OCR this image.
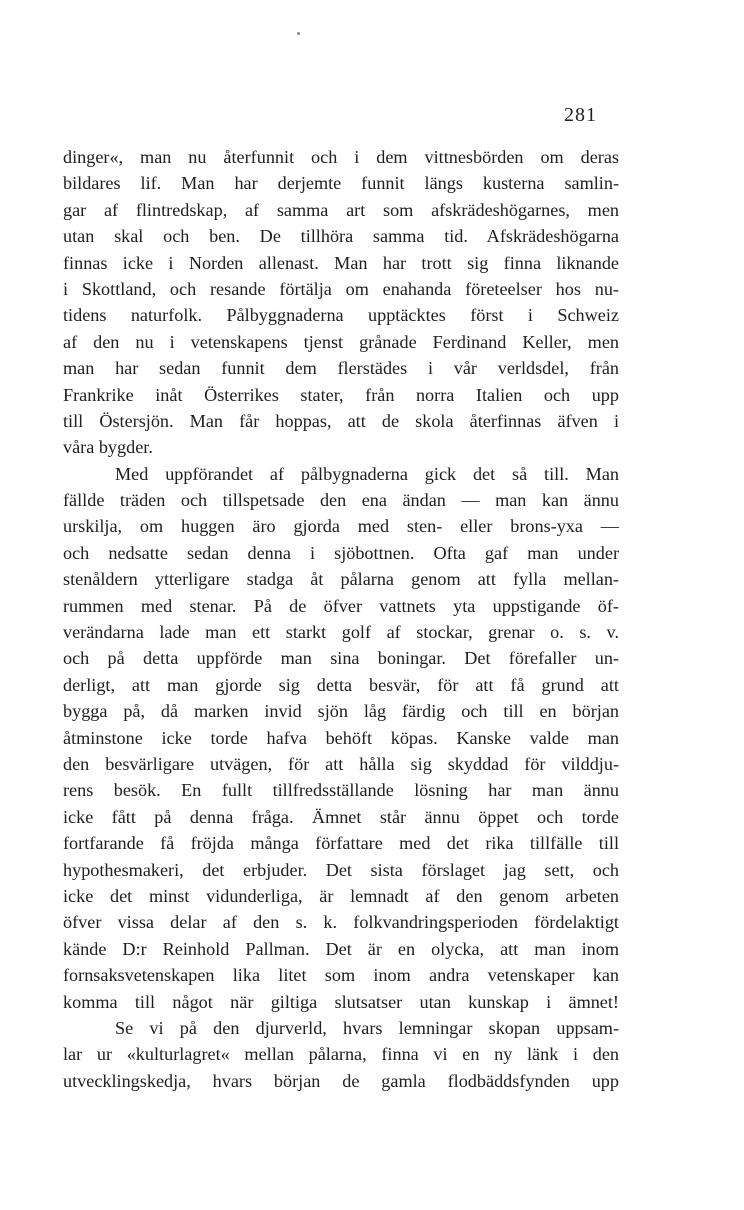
281
dinger«, man nu återfunnit och i dem vittnesbörden om deras
bildares lif. Man har derjemte funnit längs kusterna samlin-
gar af flintredskap, af samma art som afskrädeshögarnes, men
utan skal och ben. De tillhöra samma tid. Afskrädeshögarna
finnas icke i Norden allenast. Man har trott sig finna liknande
i Skottland, och resande förtälja om enahanda företeelser hos nu-
tidens naturfolk. Pålbyggnaderna upptäcktes först i Schweiz
af den nu i vetenskapens tjenst grånade Ferdinand Keller, men
man har sedan funnit dem flerstädes i vår verldsdel, från
Frankrike inåt Österrikes stater, från norra Italien och upp
till Östersjön. Man får hoppas, att de skola återfinnas äfven i
våra bygder.
Med uppförandet af pålbygnaderna gick det så till. Man
fällde träden och tillspetsade den ena ändan — man kan ännu
urskilja, om huggen äro gjorda med sten- eller brons-yxa —
och nedsatte sedan denna i sjöbottnen. Ofta gaf man under
stenåldern ytterligare stadga åt pålarna genom att fylla mellan-
rummen med stenar. På de öfver vattnets yta uppstigande öf-
verändarna lade man ett starkt golf af stockar, grenar o. s. v.
och på detta uppförde man sina boningar. Det förefaller un-
derligt, att man gjorde sig detta besvär, för att få grund att
bygga på, då marken invid sjön låg färdig och till en början
åtminstone icke torde hafva behöft köpas. Kanske valde man
den besvärligare utvägen, för att hålla sig skyddad för vilddju-
rens besök. En fullt tillfredsställande lösning har man ännu
icke fått på denna fråga. Ämnet står ännu öppet och torde
fortfarande få fröjda många författare med det rika tillfälle till
hypothesmakeri, det erbjuder. Det sista förslaget jag sett, och
icke det minst vidunderliga, är lemnadt af den genom arbeten
öfver vissa delar af den s. k. folkvandringsperioden fördelaktigt
kände D:r Reinhold Pallman. Det är en olycka, att man inom
fornsaksvetenskapen lika litet som inom andra vetenskaper kan
komma till något när giltiga slutsatser utan kunskap i ämnet!
Se vi på den djurverld, hvars lemningar skopan uppsam-
lar ur «kulturlagret« mellan pålarna, finna vi en ny länk i den
utvecklingskedja, hvars början de gamla flodbäddsfynden upp
